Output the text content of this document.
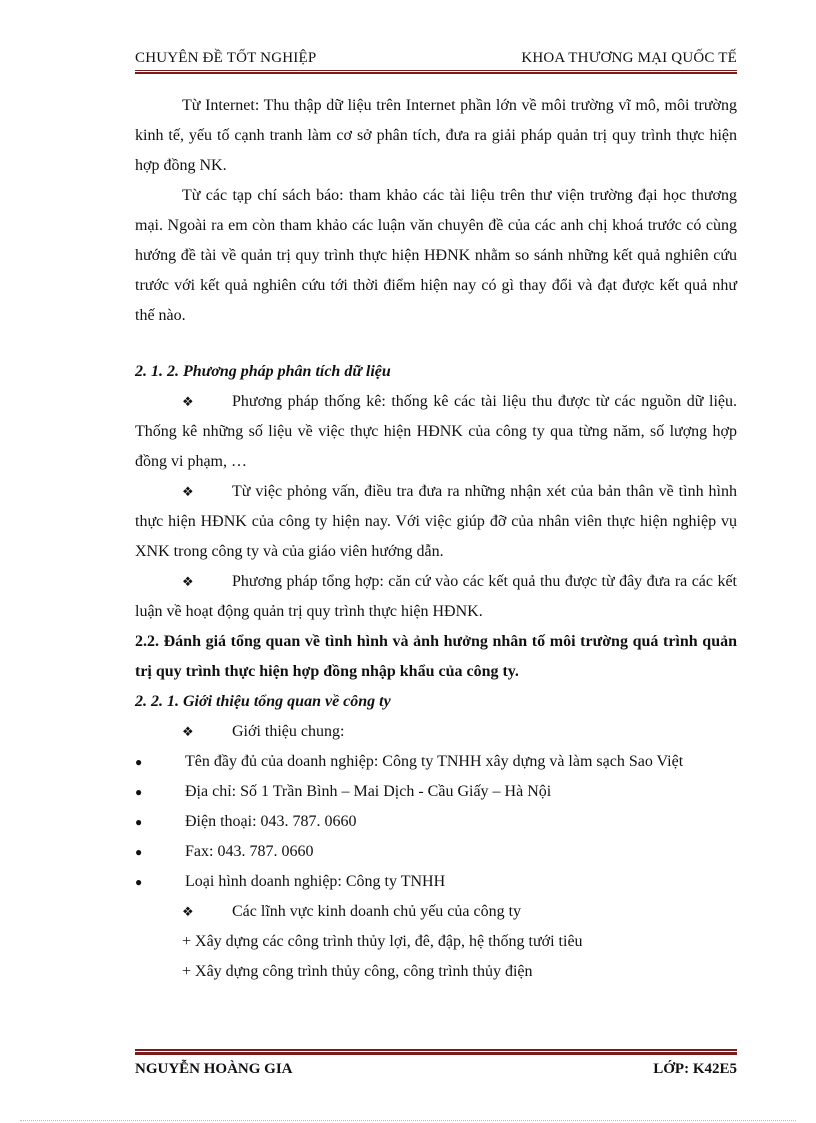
CHUYÊN ĐỀ TỐT NGHIỆP	KHOA THƯƠNG MẠI QUỐC TẾ

Từ Internet: Thu thập dữ liệu trên Internet phần lớn về môi trường vĩ mô, môi trường kinh tế, yếu tố cạnh tranh làm cơ sở phân tích, đưa ra giải pháp quản trị quy trình thực hiện hợp đồng NK.

Từ các tạp chí sách báo: tham khảo các tài liệu trên thư viện trường đại học thương mại. Ngoài ra em còn tham khảo các luận văn chuyên đề của các anh chị khoá trước có cùng hướng đề tài về quản trị quy trình thực hiện HĐNK nhằm so sánh những kết quả nghiên cứu trước với kết quả nghiên cứu tới thời điểm hiện nay có gì thay đổi và đạt được kết quả như thế nào.

2. 1. 2. Phương pháp phân tích dữ liệu

❖ Phương pháp thống kê: thống kê các tài liệu thu được từ các nguồn dữ liệu. Thống kê những số liệu về việc thực hiện HĐNK của công ty qua từng năm, số lượng hợp đồng vi phạm, …

❖ Từ việc phỏng vấn, điều tra đưa ra những nhận xét của bản thân về tình hình thực hiện HĐNK của công ty hiện nay. Với việc giúp đỡ của nhân viên thực hiện nghiệp vụ XNK trong công ty và của giáo viên hướng dẫn.

❖ Phương pháp tổng hợp: căn cứ vào các kết quả thu được từ đây đưa ra các kết luận về hoạt động quản trị quy trình thực hiện HĐNK.

2.2. Đánh giá tổng quan về tình hình và ảnh hưởng nhân tố môi trường quá trình quản trị quy trình thực hiện hợp đồng nhập khẩu của công ty.

2. 2. 1. Giới thiệu tổng quan về công ty

❖ Giới thiệu chung:

●	Tên đầy đủ của doanh nghiệp: Công ty TNHH xây dựng và làm sạch Sao Việt

●	Địa chỉ: Số 1 Trần Bình – Mai Dịch - Cầu Giấy – Hà Nội

●	Điện thoại: 043. 787. 0660

●	Fax: 043. 787. 0660

●	Loại hình doanh nghiệp: Công ty TNHH

❖ Các lĩnh vực kinh doanh chủ yếu của công ty

+ Xây dựng các công trình thủy lợi, đê, đập, hệ thống tưới tiêu

+ Xây dựng công trình thủy công, công trình thủy điện

NGUYỄN HOÀNG GIA	LỚP: K42E5
